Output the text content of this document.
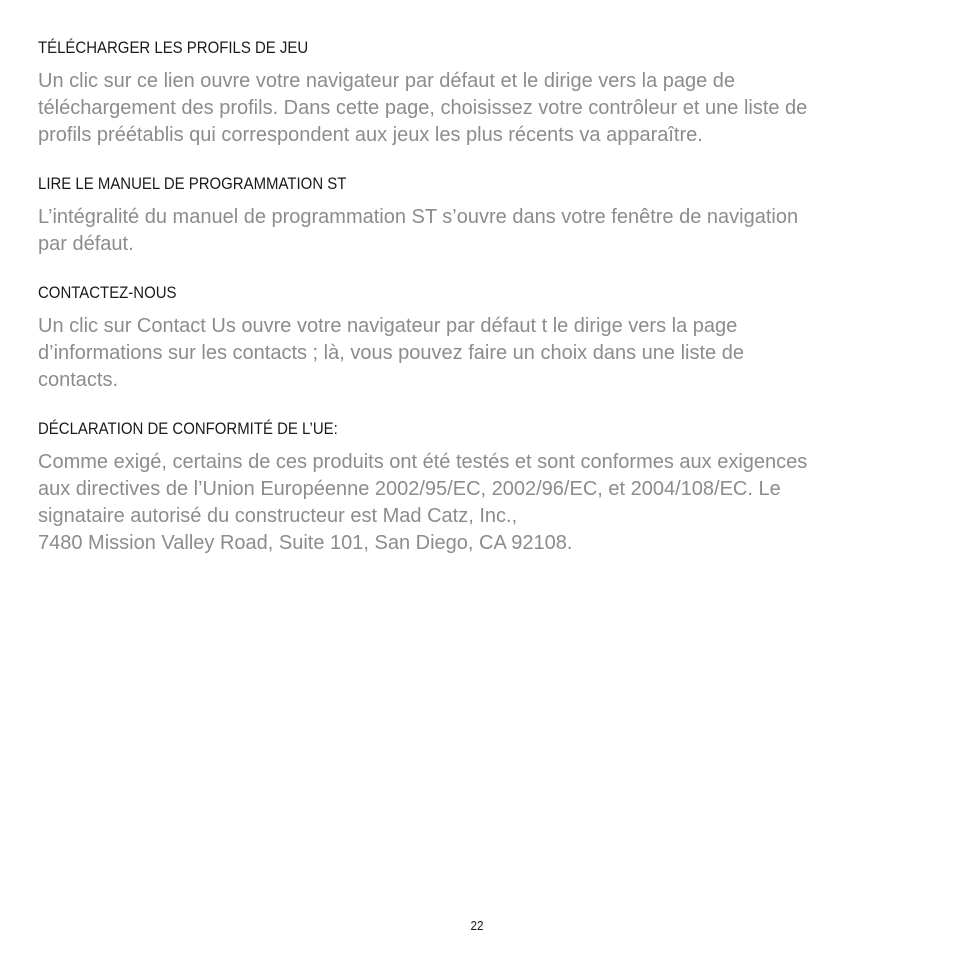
TÉLÉCHARGER LES PROFILS DE JEU
Un clic sur ce lien ouvre votre navigateur par défaut et le dirige vers la page de
téléchargement des profils. Dans cette page, choisissez votre contrôleur et une liste de
profils préétablis qui correspondent aux jeux les plus récents va apparaître.
LIRE LE MANUEL DE PROGRAMMATION ST
L’intégralité du manuel de programmation ST s’ouvre dans votre fenêtre de navigation
par défaut.
CONTACTEZ-NOUS
Un clic sur Contact Us ouvre votre navigateur par défaut t le dirige vers la page
d’informations sur les contacts ; là, vous pouvez faire un choix dans une liste de
contacts.
DÉCLARATION DE CONFORMITÉ DE L’UE:
Comme exigé, certains de ces produits ont été testés et sont conformes aux exigences
aux directives de l’Union Européenne 2002/95/EC, 2002/96/EC, et 2004/108/EC. Le
signataire autorisé du constructeur est Mad Catz, Inc.,
7480 Mission Valley Road, Suite 101, San Diego, CA 92108.
22
